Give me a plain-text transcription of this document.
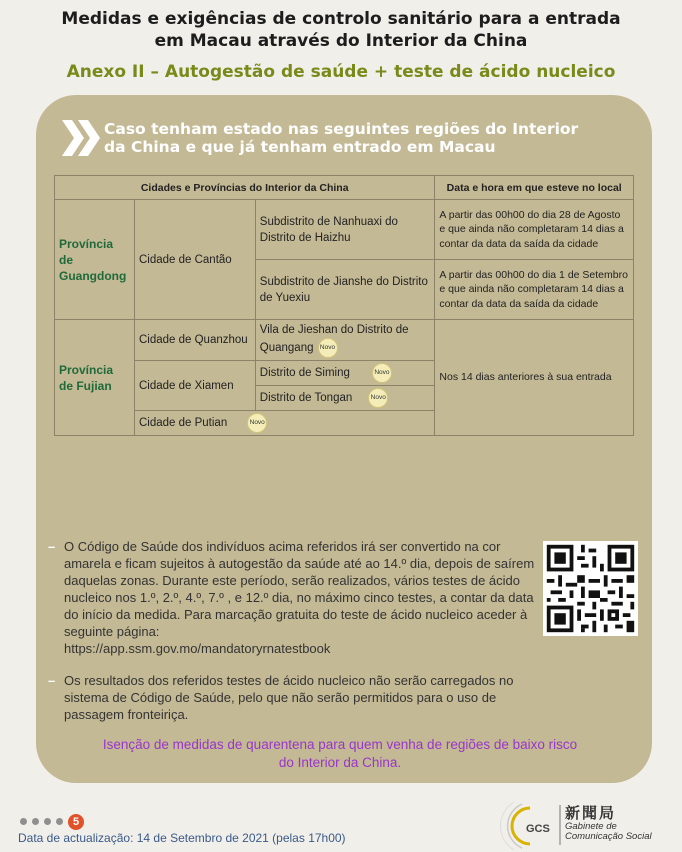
Medidas e exigências de controlo sanitário para a entrada
em Macau através do Interior da China
Anexo II – Autogestão de saúde + teste de ácido nucleico
Caso tenham estado nas seguintes regiões do Interior
da China e que já tenham entrado em Macau
Cidades e Províncias do Interior da China			Data e hora em que esteve no local
Província de Guangdong	Cidade de Cantão	Subdistrito de Nanhuaxi do Distrito de Haizhu	A partir das 00h00 do dia 28 de Agosto e que ainda não completaram 14 dias a contar da data da saída da cidade
		Subdistrito de Jianshe do Distrito de Yuexiu	A partir das 00h00 do dia 1 de Setembro e que ainda não completaram 14 dias a contar da data da saída da cidade
Província de Fujian	Cidade de Quanzhou	Vila de Jieshan do Distrito de Quangang Novo	Nos 14 dias anteriores à sua entrada
	Cidade de Xiamen	Distrito de Siming Novo	
		Distrito de Tongan Novo	
	Cidade de Putian Novo		

– O Código de Saúde dos indivíduos acima referidos irá ser convertido na cor amarela e ficam sujeitos à autogestão da saúde até ao 14.º dia, depois de saírem daquelas zonas. Durante este período, serão realizados, vários testes de ácido nucleico nos 1.º, 2.º, 4.º, 7.º , e 12.º dia, no máximo cinco testes, a contar da data do início da medida. Para marcação gratuita do teste de ácido nucleico aceder à seguinte página:
https://app.ssm.gov.mo/mandatoryrnatestbook

– Os resultados dos referidos testes de ácido nucleico não serão carregados no sistema de Código de Saúde, pelo que não serão permitidos para o uso de passagem fronteiriça.

Isenção de medidas de quarentena para quem venha de regiões de baixo risco do Interior da China.
5
Data de actualização: 14 de Setembro de 2021 (pelas 17h00)
GCS
新聞局
Gabinete de
Comunicação Social
